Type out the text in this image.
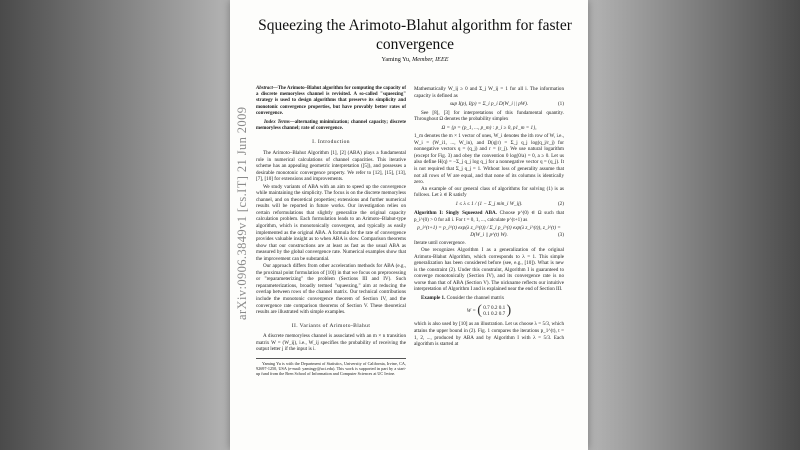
arXiv:0906.3849v1 [cs.IT] 21 Jun 2009
Squeezing the Arimoto-Blahut algorithm for faster convergence
Yaming Yu, Member, IEEE

Abstract—The Arimoto–Blahut algorithm for computing the capacity of a discrete memoryless channel is revisited. A so-called "squeezing" strategy is used to design algorithms that preserve its simplicity and monotonic convergence properties, but have provably better rates of convergence.

Index Terms—alternating minimization; channel capacity; discrete memoryless channel; rate of convergence.

I. Introduction

The Arimoto–Blahut Algorithm [1], [2] (ABA) plays a fundamental role in numerical calculations of channel capacities. This iterative scheme has an appealing geometric interpretation ([5]), and possesses a desirable monotonic convergence property. We refer to [12], [15], [13], [7], [10] for extensions and improvements.

We study variants of ABA with an aim to speed up the convergence while maintaining the simplicity. The focus is on the discrete memoryless channel, and on theoretical properties; extensions and further numerical results will be reported in future works. Our investigation relies on certain reformulations that slightly generalize the original capacity calculation problem. Each formulation leads to an Arimoto–Blahut-type algorithm, which is monotonically convergent, and typically as easily implemented as the original ABA. A formula for the rate of convergence provides valuable insight as to when ABA is slow. Comparison theorems show that our constructions are at least as fast as the usual ABA as measured by the global convergence rate. Numerical examples show that the improvement can be substantial.

Our approach differs from other acceleration methods for ABA (e.g., the proximal point formulation of [10]) in that we focus on preprocessing or "reparameterizing" the problem (Sections III and IV). Such reparameterizations, broadly termed "squeezing," aim at reducing the overlap between rows of the channel matrix. Our technical contributions include the monotonic convergence theorem of Section IV, and the convergence rate comparison theorems of Section V. These theoretical results are illustrated with simple examples.

II. Variants of Arimoto-Blahut

A discrete memoryless channel is associated with an m × n transition matrix W = (W_ij), i.e., W_ij specifies the probability of receiving the output letter j if the input is i.

Yaming Yu is with the Department of Statistics, University of California, Irvine, CA, 92697-1250, USA (e-mail: yamingy@uci.edu). This work is supported in part by a start-up fund from the Bren School of Information and Computer Sciences at UC Irvine.

Mathematically W_ij ≥ 0 and Σ_j W_ij = 1 for all i. The information capacity is defined as

sup I(p), I(p) = Σ_i p_i D(W_i || pW).	(1)

See [8], [3] for interpretations of this fundamental quantity. Throughout Ω denotes the probability simplex

Ω = {p = (p_1, ..., p_m) : p_i ≥ 0, p1_m = 1},

1_m denotes the m × 1 vector of ones, W_i denotes the ith row of W, i.e., W_i = (W_i1, ..., W_in), and D(q||r) = Σ_j q_j log(q_j/r_j) for nonnegative vectors q = (q_j) and r = (r_j). We use natural logarithm (except for Fig. 3) and obey the convention 0 log(0/a) = 0, a ≥ 0. Let us also define H(q) = −Σ_j q_j log q_j for a nonnegative vector q = (q_j). It is not required that Σ_j q_j = 1. Without loss of generality assume that not all rows of W are equal, and that none of its columns is identically zero.

An example of our general class of algorithms for solving (1) is as follows. Let λ ∈ R satisfy

1 ≤ λ ≤ 1 / (1 − Σ_j min_i W_ij).	(2)

Algorithm I: Singly Squeezed ABA. Choose p^(0) ∈ Ω such that p_i^(0) > 0 for all i. For t = 0, 1, ..., calculate p^(t+1) as

p_i^(t+1) = p_i^(t) exp(λ z_i^(t)) / Σ_i p_i^(t) exp(λ z_i^(t)), z_i^(t) = D(W_i || p^(t) W).	(3)

Iterate until convergence.

One recognizes Algorithm I as a generalization of the original Arimoto-Blahut Algorithm, which corresponds to λ = 1. This simple generalization has been considered before (see, e.g., [10]). What is new is the constraint (2). Under this constraint, Algorithm I is guaranteed to converge monotonically (Section IV), and its convergence rate is no worse than that of ABA (Section V). The nickname reflects our intuitive interpretation of Algorithm I and is explained near the end of Section III.

Example 1. Consider the channel matrix

W = ( 0.7 0.2 0.1
0.1 0.2 0.7 )

which is also used by [10] as an illustration. Let us choose λ = 5/3, which attains the upper bound in (2). Fig. 1 compares the iterations p_1^(t), t = 1, 2, ..., produced by ABA and by Algorithm I with λ = 5/3. Each algorithm is started at
